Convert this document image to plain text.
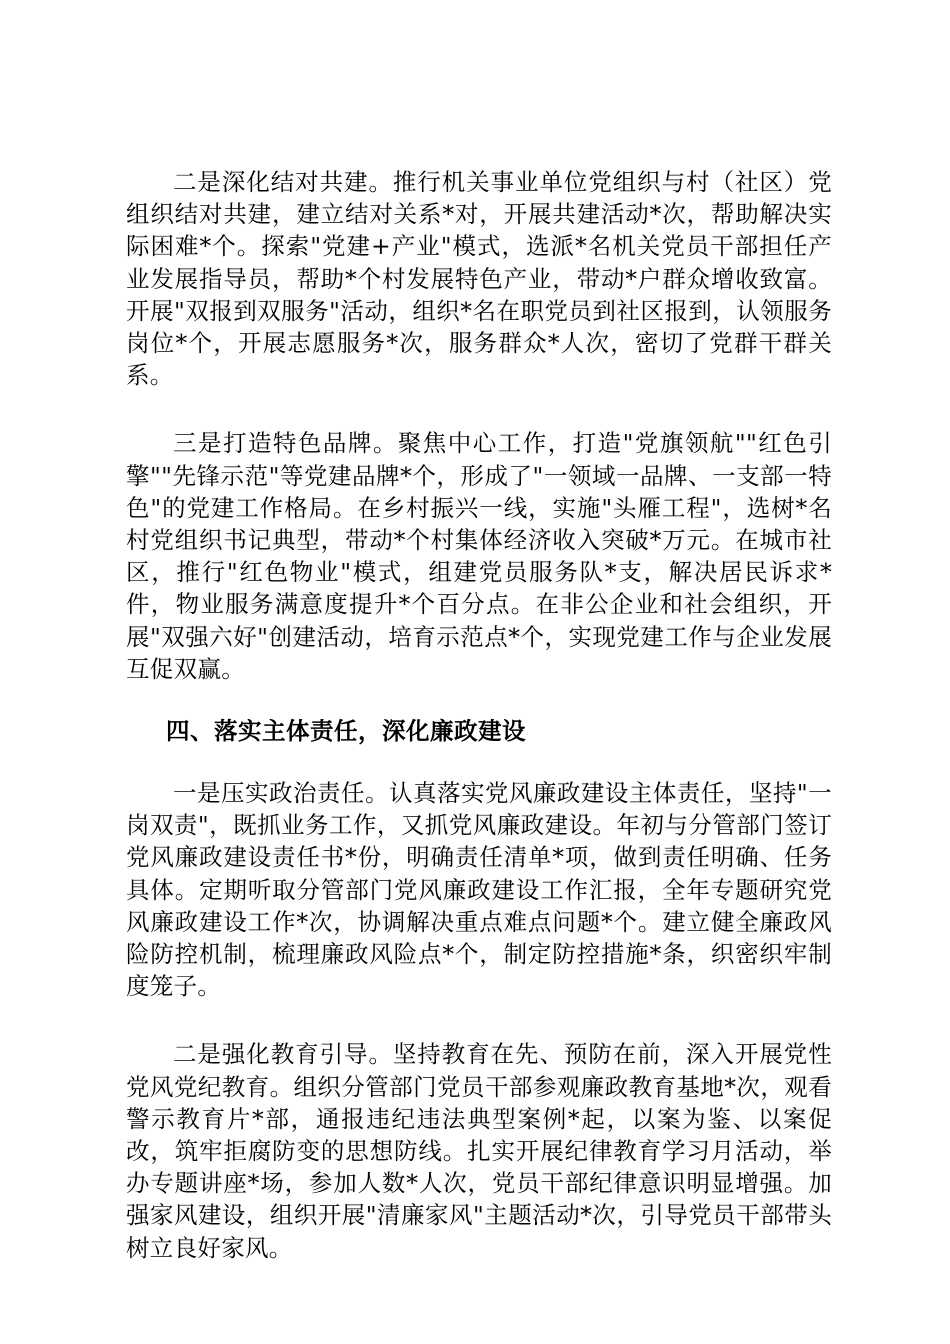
二是深化结对共建。推行机关事业单位党组织与村（社区）党组织结对共建，建立结对关系*对，开展共建活动*次，帮助解决实际困难*个。探索"党建+产业"模式，选派*名机关党员干部担任产业发展指导员，帮助*个村发展特色产业，带动*户群众增收致富。开展"双报到双服务"活动，组织*名在职党员到社区报到，认领服务岗位*个，开展志愿服务*次，服务群众*人次，密切了党群干群关系。

三是打造特色品牌。聚焦中心工作，打造"党旗领航""红色引擎""先锋示范"等党建品牌*个，形成了"一领域一品牌、一支部一特色"的党建工作格局。在乡村振兴一线，实施"头雁工程"，选树*名村党组织书记典型，带动*个村集体经济收入突破*万元。在城市社区，推行"红色物业"模式，组建党员服务队*支，解决居民诉求*件，物业服务满意度提升*个百分点。在非公企业和社会组织，开展"双强六好"创建活动，培育示范点*个，实现党建工作与企业发展互促双赢。

四、落实主体责任，深化廉政建设

一是压实政治责任。认真落实党风廉政建设主体责任，坚持"一岗双责"，既抓业务工作，又抓党风廉政建设。年初与分管部门签订党风廉政建设责任书*份，明确责任清单*项，做到责任明确、任务具体。定期听取分管部门党风廉政建设工作汇报，全年专题研究党风廉政建设工作*次，协调解决重点难点问题*个。建立健全廉政风险防控机制，梳理廉政风险点*个，制定防控措施*条，织密织牢制度笼子。

二是强化教育引导。坚持教育在先、预防在前，深入开展党性党风党纪教育。组织分管部门党员干部参观廉政教育基地*次，观看警示教育片*部，通报违纪违法典型案例*起，以案为鉴、以案促改，筑牢拒腐防变的思想防线。扎实开展纪律教育学习月活动，举办专题讲座*场，参加人数*人次，党员干部纪律意识明显增强。加强家风建设，组织开展"清廉家风"主题活动*次，引导党员干部带头树立良好家风。
